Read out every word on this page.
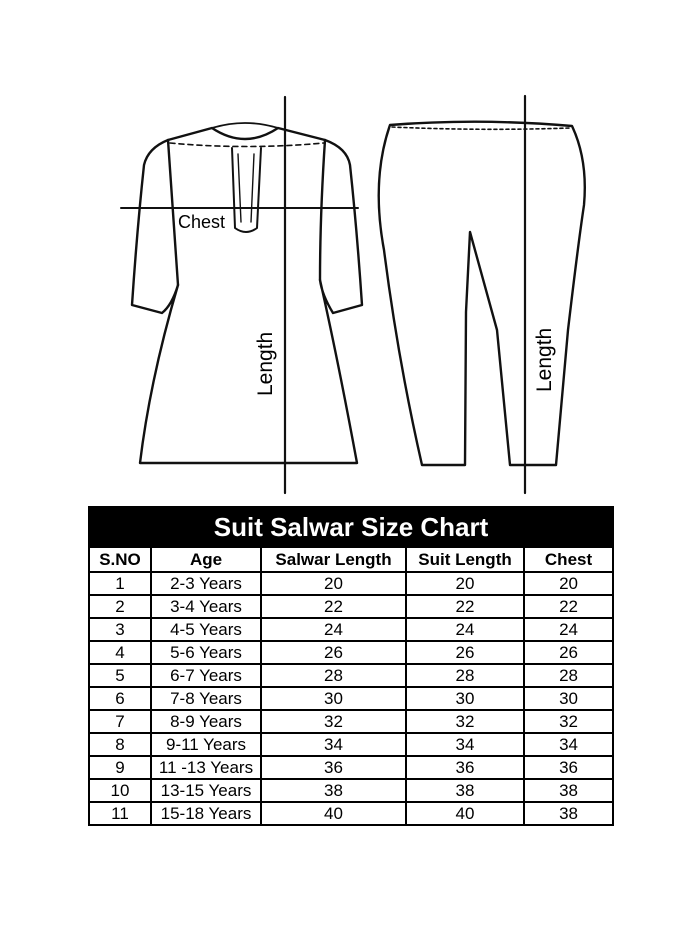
Chest
Length	Length
Suit Salwar Size Chart				
S.NO	Age	Salwar Length	Suit Length	Chest
1	2-3 Years	20	20	20
2	3-4 Years	22	22	22
3	4-5 Years	24	24	24
4	5-6 Years	26	26	26
5	6-7 Years	28	28	28
6	7-8 Years	30	30	30
7	8-9 Years	32	32	32
8	9-11 Years	34	34	34
9	11 -13 Years	36	36	36
10	13-15 Years	38	38	38
11	15-18 Years	40	40	38
